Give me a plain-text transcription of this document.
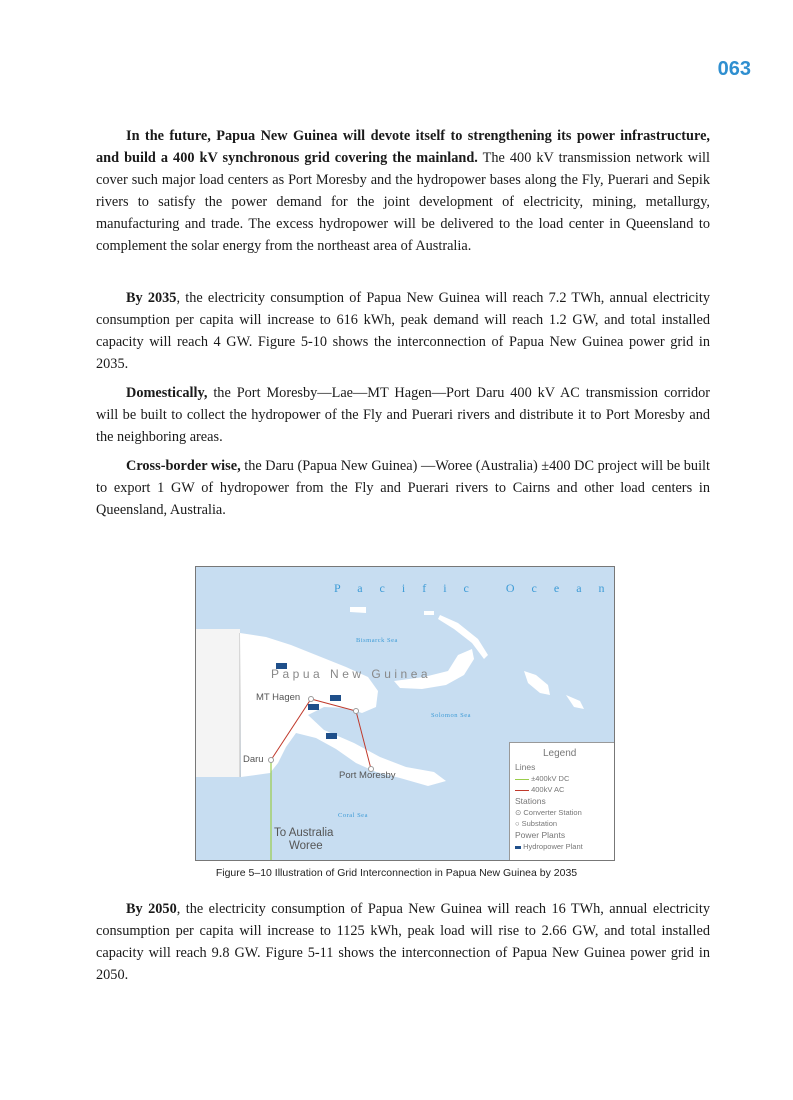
063

In the future, Papua New Guinea will devote itself to strengthening its power infrastructure, and build a 400 kV synchronous grid covering the mainland. The 400 kV transmission network will cover such major load centers as Port Moresby and the hydropower bases along the Fly, Puerari and Sepik rivers to satisfy the power demand for the joint development of electricity, mining, metallurgy, manufacturing and trade. The excess hydropower will be delivered to the load center in Queensland to complement the solar energy from the northeast area of Australia.

By 2035, the electricity consumption of Papua New Guinea will reach 7.2 TWh, annual electricity consumption per capita will increase to 616 kWh, peak demand will reach 1.2 GW, and total installed capacity will reach 4 GW. Figure 5-10 shows the interconnection of Papua New Guinea power grid in 2035.

Domestically, the Port Moresby—Lae—MT Hagen—Port Daru 400 kV AC transmission corridor will be built to collect the hydropower of the Fly and Puerari rivers and distribute it to Port Moresby and the neighboring areas.

Cross-border wise, the Daru (Papua New Guinea) —Woree (Australia) ±400 DC project will be built to export 1 GW of hydropower from the Fly and Puerari rivers to Cairns and other load centers in Queensland, Australia.

P a c i f i c   O c e a n
Bismarck Sea
Papua New Guinea
MT Hagen
Solomon Sea
Daru
Port Moresby
Coral Sea
To Australia
Woree
Legend
Lines
±400kV DC
400kV AC
Stations
⊙ Converter Station
○ Substation
Power Plants
Hydropower Plant
Figure 5–10 Illustration of Grid Interconnection in Papua New Guinea by 2035

By 2050, the electricity consumption of Papua New Guinea will reach 16 TWh, annual electricity consumption per capita will increase to 1125 kWh, peak load will rise to 2.66 GW, and total installed capacity will reach 9.8 GW. Figure 5-11 shows the interconnection of Papua New Guinea power grid in 2050.
